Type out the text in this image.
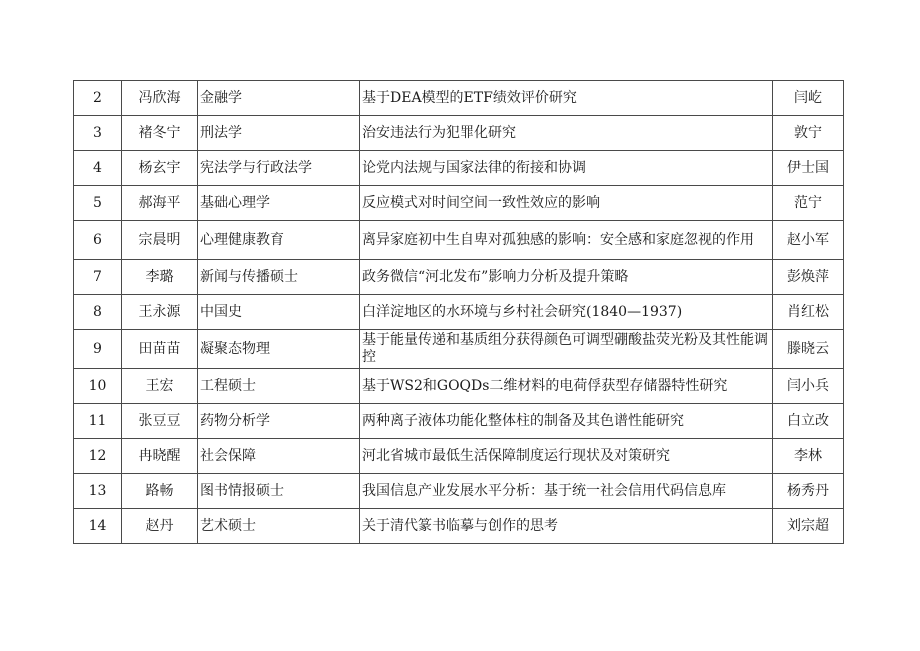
2	冯欣海	金融学	基于DEA模型的ETF绩效评价研究	闫屹
3	褚冬宁	刑法学	治安违法行为犯罪化研究	敦宁
4	杨玄宇	宪法学与行政法学	论党内法规与国家法律的衔接和协调	伊士国
5	郝海平	基础心理学	反应模式对时间空间一致性效应的影响	范宁
6	宗晨明	心理健康教育	离异家庭初中生自卑对孤独感的影响：安全感和家庭忽视的作用	赵小军
7	李璐	新闻与传播硕士	政务微信“河北发布”影响力分析及提升策略	彭焕萍
8	王永源	中国史	白洋淀地区的水环境与乡村社会研究(1840—1937)	肖红松
9	田苗苗	凝聚态物理	基于能量传递和基质组分获得颜色可调型硼酸盐荧光粉及其性能调控	滕晓云
10	王宏	工程硕士	基于WS2和GOQDs二维材料的电荷俘获型存储器特性研究	闫小兵
11	张豆豆	药物分析学	两种离子液体功能化整体柱的制备及其色谱性能研究	白立改
12	冉晓醒	社会保障	河北省城市最低生活保障制度运行现状及对策研究	李林
13	路畅	图书情报硕士	我国信息产业发展水平分析：基于统一社会信用代码信息库	杨秀丹
14	赵丹	艺术硕士	关于清代篆书临摹与创作的思考	刘宗超
